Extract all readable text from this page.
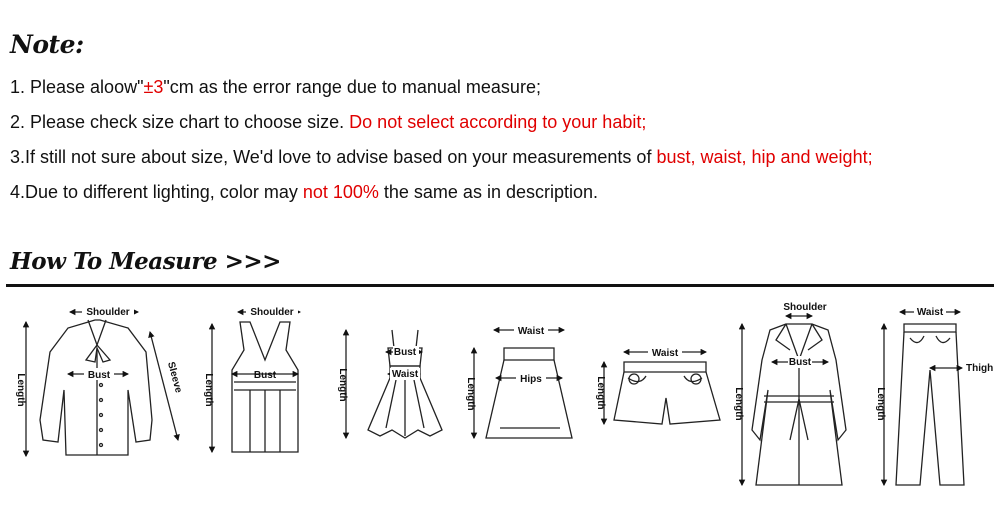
Note:
1. Please aloow"±3"cm as the error range due to manual measure;
2. Please check size chart to choose size. Do not select according to your habit;
3.If still not sure about size, We'd love to advise based on your measurements of bust, waist, hip and weight;
4.Due to different lighting, color may not 100% the same as in description.
How To Measure >>>
Shoulder
Bust
Length	Sleeve
Shoulder
Bust
Length
Bust
Waist
Length
Waist
Hips
Length
Waist
Length
Shoulder
Bust
Length
Waist
Thigh
Length
